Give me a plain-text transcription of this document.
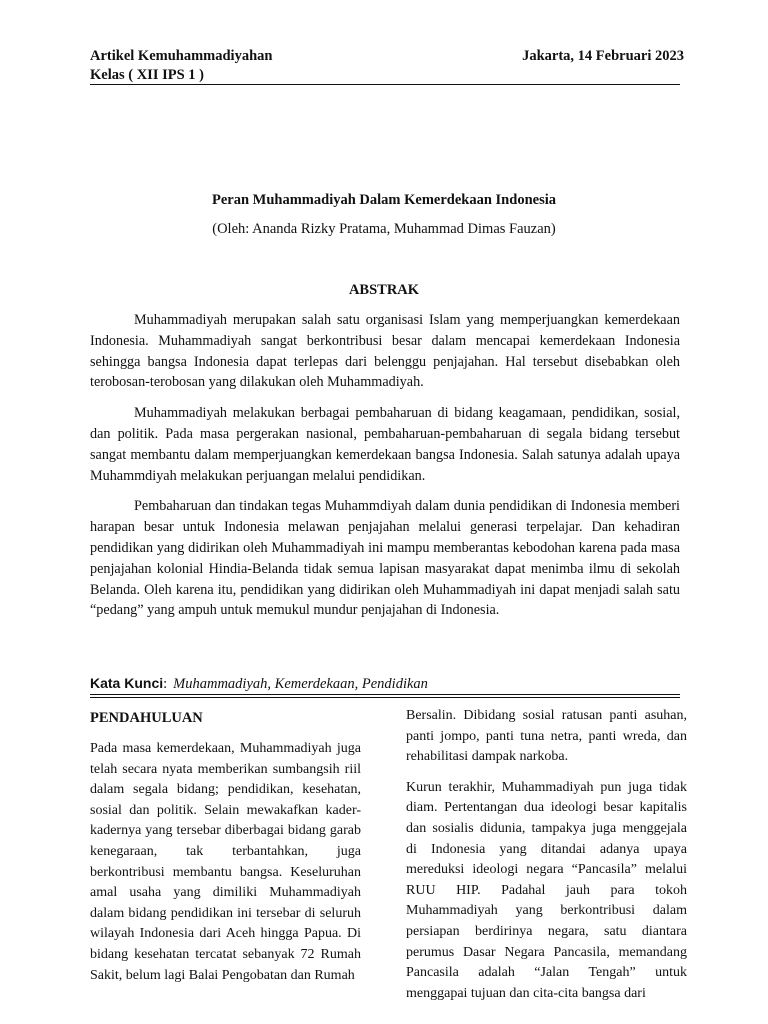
Artikel Kemuhammadiyahan
Kelas ( XII IPS 1 )
Jakarta, 14 Februari 2023
Peran Muhammadiyah Dalam Kemerdekaan Indonesia
(Oleh: Ananda Rizky Pratama, Muhammad Dimas Fauzan)
ABSTRAK

Muhammadiyah merupakan salah satu organisasi Islam yang memperjuangkan kemerdekaan Indonesia. Muhammadiyah sangat berkontribusi besar dalam mencapai kemerdekaan Indonesia sehingga bangsa Indonesia dapat terlepas dari belenggu penjajahan. Hal tersebut disebabkan oleh terobosan-terobosan yang dilakukan oleh Muhammadiyah.

Muhammadiyah melakukan berbagai pembaharuan di bidang keagamaan, pendidikan, sosial, dan politik. Pada masa pergerakan nasional, pembaharuan-pembaharuan di segala bidang tersebut sangat membantu dalam memperjuangkan kemerdekaan bangsa Indonesia. Salah satunya adalah upaya Muhammdiyah melakukan perjuangan melalui pendidikan.

Pembaharuan dan tindakan tegas Muhammdiyah dalam dunia pendidikan di Indonesia memberi harapan besar untuk Indonesia melawan penjajahan melalui generasi terpelajar. Dan kehadiran pendidikan yang didirikan oleh Muhammadiyah ini mampu memberantas kebodohan karena pada masa penjajahan kolonial Hindia-Belanda tidak semua lapisan masyarakat dapat menimba ilmu di sekolah Belanda. Oleh karena itu, pendidikan yang didirikan oleh Muhammadiyah ini dapat menjadi salah satu “pedang” yang ampuh untuk memukul mundur penjajahan di Indonesia.

Kata Kunci: Muhammadiyah, Kemerdekaan, Pendidikan
PENDAHULUAN

Pada masa kemerdekaan, Muhammadiyah juga telah secara nyata memberikan sumbangsih riil dalam segala bidang; pendidikan, kesehatan, sosial dan politik. Selain mewakafkan kader-kadernya yang tersebar diberbagai bidang garab kenegaraan, tak terbantahkan, juga berkontribusi membantu bangsa. Keseluruhan amal usaha yang dimiliki Muhammadiyah dalam bidang pendidikan ini tersebar di seluruh wilayah Indonesia dari Aceh hingga Papua. Di bidang kesehatan tercatat sebanyak 72 Rumah Sakit, belum lagi Balai Pengobatan dan Rumah

Bersalin. Dibidang sosial ratusan panti asuhan, panti jompo, panti tuna netra, panti wreda, dan rehabilitasi dampak narkoba.

Kurun terakhir, Muhammadiyah pun juga tidak diam. Pertentangan dua ideologi besar kapitalis dan sosialis didunia, tampakya juga menggejala di Indonesia yang ditandai adanya upaya mereduksi ideologi negara “Pancasila” melalui RUU HIP. Padahal jauh para tokoh Muhammadiyah yang berkontribusi dalam persiapan berdirinya negara, satu diantara perumus Dasar Negara Pancasila, memandang Pancasila adalah “Jalan Tengah” untuk menggapai tujuan dan cita-cita bangsa dari
